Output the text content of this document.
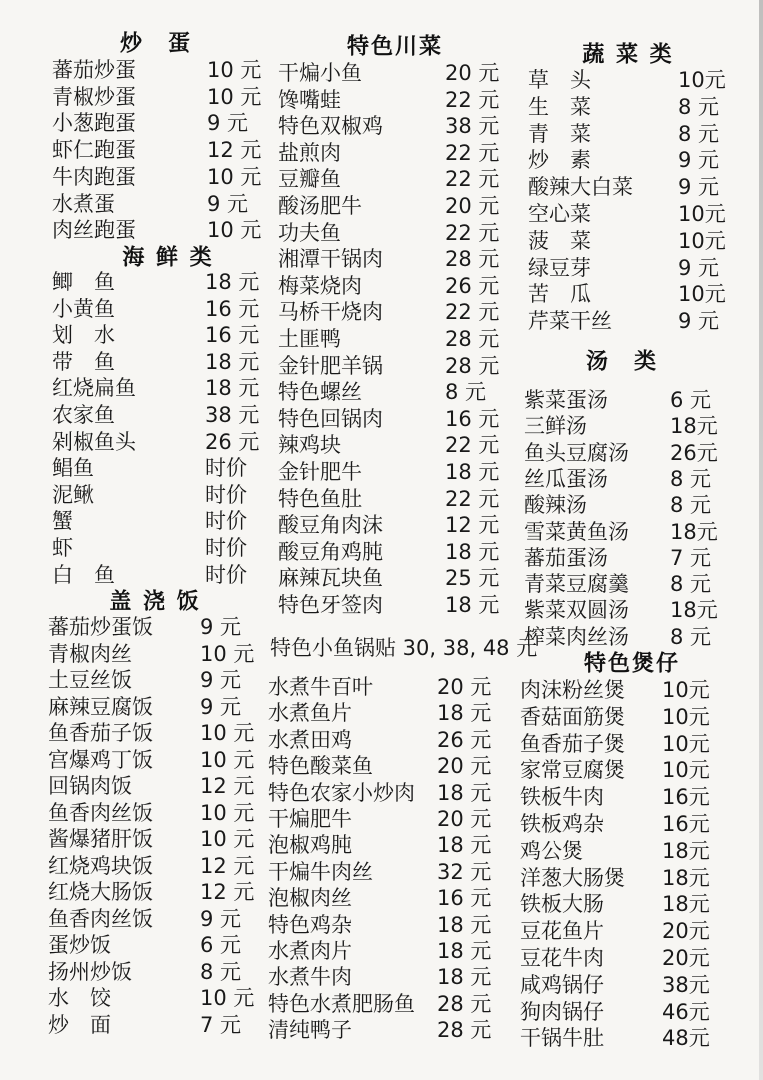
炒　蛋
蕃茄炒蛋	10 元
青椒炒蛋	10 元
小葱跑蛋	9 元
虾仁跑蛋	12 元
牛肉跑蛋	10 元
水煮蛋	9 元
肉丝跑蛋	10 元
海 鲜 类
鲫　鱼	18 元
小黄鱼	16 元
划　水	16 元
带　鱼	18 元
红烧扁鱼	18 元
农家鱼	38 元
剁椒鱼头	26 元
鲳鱼	时价
泥鳅	时价
蟹	时价
虾	时价
白　鱼	时价
盖 浇 饭
蕃茄炒蛋饭 9 元
青椒肉丝	10 元
土豆丝饭	9 元
麻辣豆腐饭 9 元
鱼香茄子饭 10 元
宫爆鸡丁饭 10 元
回锅肉饭	12 元
鱼香肉丝饭 10 元
酱爆猪肝饭 10 元
红烧鸡块饭 12 元
红烧大肠饭 12 元
鱼香肉丝饭 9 元
蛋炒饭	6 元
扬州炒饭	8 元
水　饺	10 元
炒　面	7 元
特色川菜
干煸小鱼	20 元
馋嘴蛙	22 元
特色双椒鸡	38 元
盐煎肉	22 元
豆瓣鱼	22 元
酸汤肥牛	20 元
功夫鱼	22 元
湘潭干锅肉	28 元
梅菜烧肉	26 元
马桥干烧肉	22 元
土匪鸭	28 元
金针肥羊锅	28 元
特色螺丝	8 元
特色回锅肉	16 元
辣鸡块	22 元
金针肥牛	18 元
特色鱼肚	22 元
酸豆角肉沫	12 元
酸豆角鸡肫	18 元
麻辣瓦块鱼	25 元
特色牙签肉	18 元
水煮牛百叶	20 元
水煮鱼片	18 元
水煮田鸡	26 元
特色酸菜鱼	20 元
特色农家小炒肉 18 元
干煸肥牛	20 元
泡椒鸡肫	18 元
干煸牛肉丝	32 元
泡椒肉丝	16 元
特色鸡杂	18 元
水煮肉片	18 元
水煮牛肉	18 元
特色水煮肥肠鱼 28 元
清纯鸭子	28 元
蔬 菜 类
草　头	10元
生　菜	8 元
青　菜	8 元
炒　素	9 元
酸辣大白菜 9 元
空心菜	10元
菠　菜	10元
绿豆芽	9 元
苦　瓜	10元
芹菜干丝	9 元
汤　类
紫菜蛋汤	6 元
三鲜汤	18元
鱼头豆腐汤 26元
丝瓜蛋汤	8 元
酸辣汤	8 元
雪菜黄鱼汤 18元
蕃茄蛋汤	7 元
青菜豆腐羹 8 元
紫菜双圆汤 18元
榨菜肉丝汤 8 元
特色煲仔
肉沫粉丝煲 10元
香菇面筋煲 10元
鱼香茄子煲 10元
家常豆腐煲 10元
铁板牛肉	16元
铁板鸡杂	16元
鸡公煲	18元
洋葱大肠煲 18元
铁板大肠	18元
豆花鱼片	20元
豆花牛肉	20元
咸鸡锅仔	38元
狗肉锅仔	46元
干锅牛肚	48元
特色小鱼锅贴 30, 38, 48 元
